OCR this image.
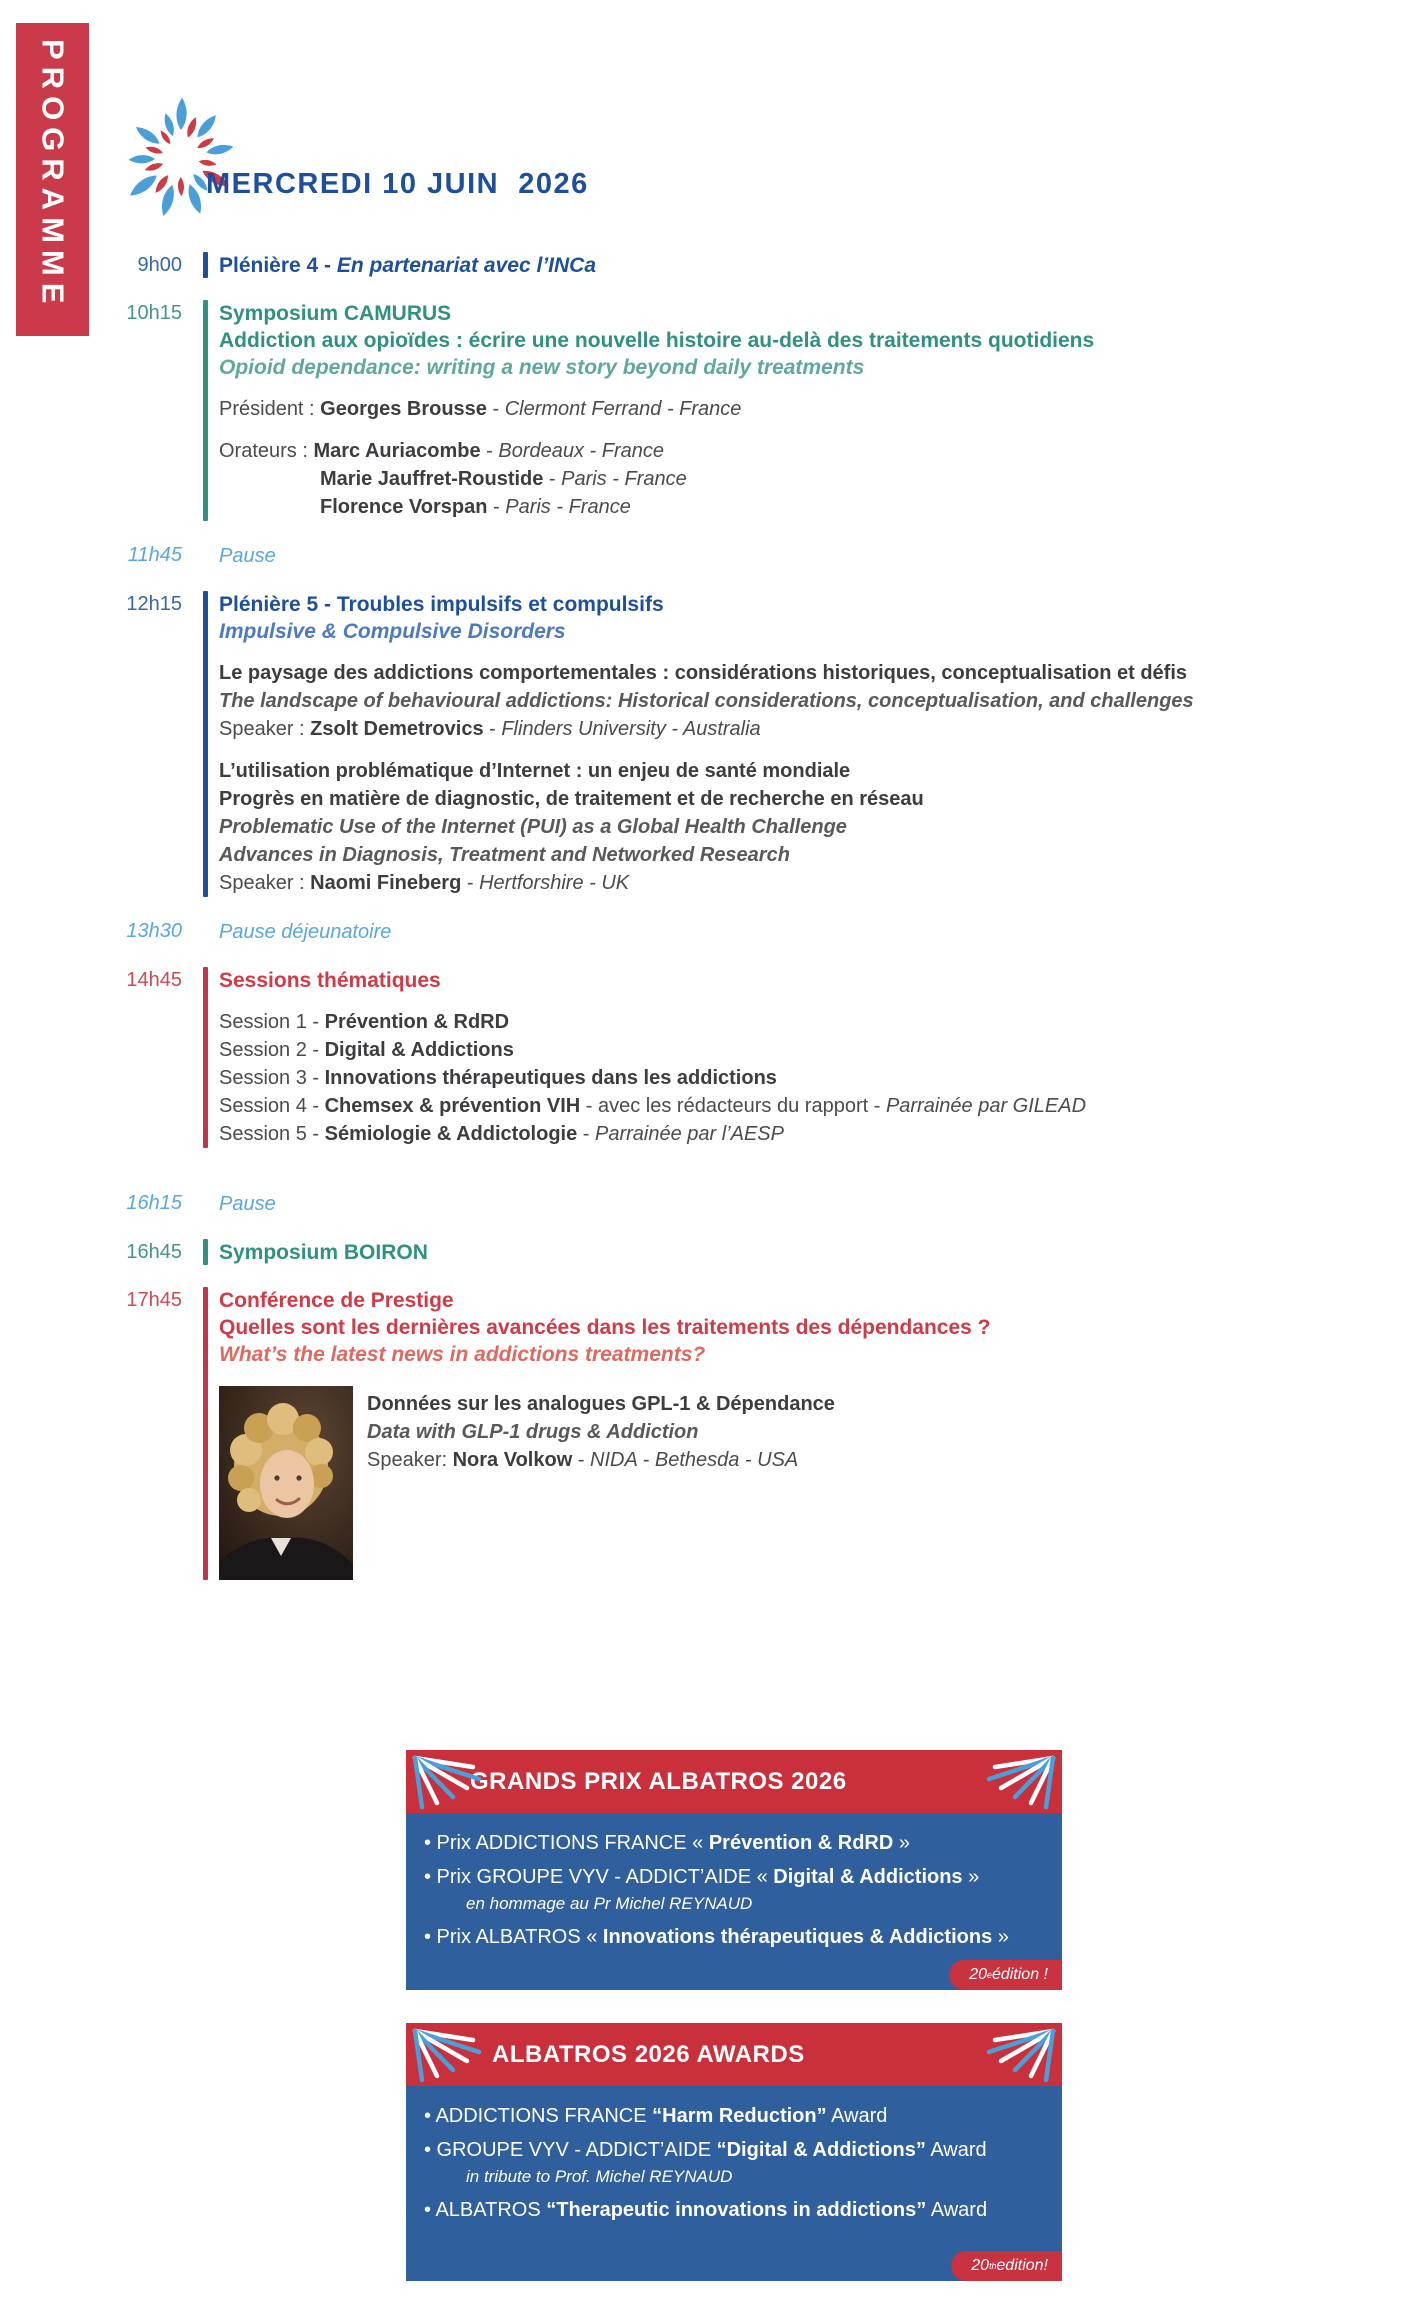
PROGRAMME	MERCREDI 10 JUIN  2026
9h00 Plénière 4 - En partenariat avec l’INCa
10h15 Symposium CAMURUS
Addiction aux opioïdes : écrire une nouvelle histoire au-delà des traitements quotidiens
Opioid dependance: writing a new story beyond daily treatments
Président : Georges Brousse - Clermont Ferrand - France
Orateurs : Marc Auriacombe - Bordeaux - France
Marie Jauffret-Roustide - Paris - France
Florence Vorspan - Paris - France
11h45 Pause
12h15 Plénière 5 - Troubles impulsifs et compulsifs
Impulsive & Compulsive Disorders
Le paysage des addictions comportementales : considérations historiques, conceptualisation et défis
The landscape of behavioural addictions: Historical considerations, conceptualisation, and challenges
Speaker : Zsolt Demetrovics - Flinders University - Australia
L’utilisation problématique d’Internet : un enjeu de santé mondiale
Progrès en matière de diagnostic, de traitement et de recherche en réseau
Problematic Use of the Internet (PUI) as a Global Health Challenge
Advances in Diagnosis, Treatment and Networked Research
Speaker : Naomi Fineberg - Hertforshire - UK
13h30 Pause déjeunatoire
14h45 Sessions thématiques
Session 1 - Prévention & RdRD
Session 2 - Digital & Addictions
Session 3 - Innovations thérapeutiques dans les addictions
Session 4 - Chemsex & prévention VIH - avec les rédacteurs du rapport - Parrainée par GILEAD
Session 5 - Sémiologie & Addictologie - Parrainée par l’AESP
16h15 Pause
16h45 Symposium BOIRON
17h45 Conférence de Prestige
Quelles sont les dernières avancées dans les traitements des dépendances ?
What’s the latest news in addictions treatments?
Données sur les analogues GPL-1 & Dépendance
Data with GLP-1 drugs & Addiction
Speaker: Nora Volkow - NIDA - Bethesda - USA
GRANDS PRIX ALBATROS 2026
• Prix ADDICTIONS FRANCE « Prévention & RdRD »
• Prix GROUPE VYV - ADDICT’AIDE « Digital & Addictions »
en hommage au Pr Michel REYNAUD
• Prix ALBATROS « Innovations thérapeutiques & Addictions »
20 e édition !
ALBATROS 2026 AWARDS
• ADDICTIONS FRANCE “Harm Reduction” Award
• GROUPE VYV - ADDICT’AIDE “Digital & Addictions” Award
in tribute to Prof. Michel REYNAUD
• ALBATROS “Therapeutic innovations in addictions” Award
20 th edition!
